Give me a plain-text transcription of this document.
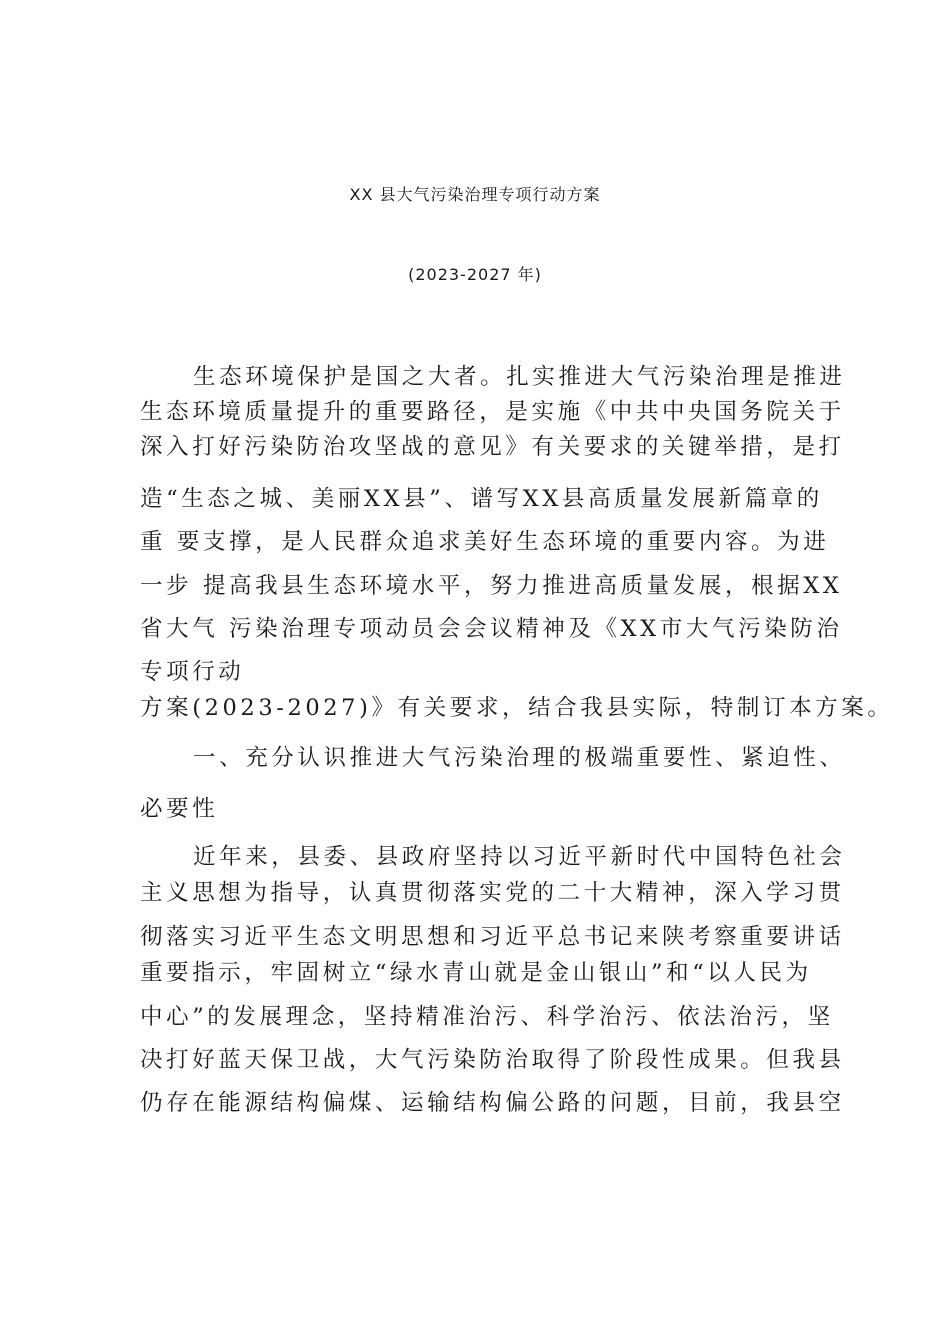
XX 县大气污染治理专项行动方案
(2023-2027 年)
生态环境保护是国之大者。扎实推进大气污染治理是推进
生态环境质量提升的重要路径，是实施《中共中央国务院关于
深入打好污染防治攻坚战的意见》有关要求的关键举措，是打
造“生态之城、美丽XX县”、谱写XX县高质量发展新篇章的
重 要支撑，是人民群众追求美好生态环境的重要内容。为进
一步 提高我县生态环境水平，努力推进高质量发展，根据XX
省大气 污染治理专项动员会会议精神及《XX市大气污染防治
专项行动
方案(2023-2027)》有关要求，结合我县实际，特制订本方案。
一、充分认识推进大气污染治理的极端重要性、紧迫性、
必要性
近年来，县委、县政府坚持以习近平新时代中国特色社会
主义思想为指导，认真贯彻落实党的二十大精神，深入学习贯
彻落实习近平生态文明思想和习近平总书记来陕考察重要讲话
重要指示，牢固树立“绿水青山就是金山银山”和“以人民为
中心”的发展理念，坚持精准治污、科学治污、依法治污，坚
决打好蓝天保卫战，大气污染防治取得了阶段性成果。但我县
仍存在能源结构偏煤、运输结构偏公路的问题，目前，我县空
